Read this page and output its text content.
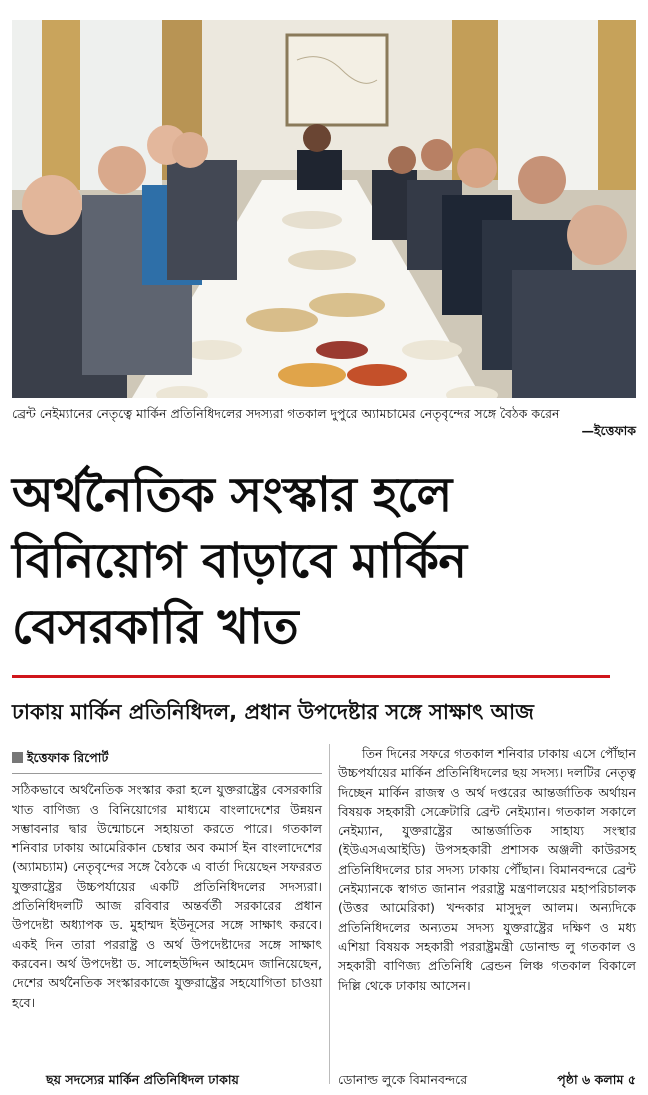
ব্রেন্ট নেইম্যানের নেতৃত্বে মার্কিন প্রতিনিধিদলের সদস্যরা গতকাল দুপুরে অ্যামচামের নেতৃবৃন্দের সঙ্গে বৈঠক করেন
—ইত্তেফাক
অর্থনৈতিক সংস্কার হলে
বিনিয়োগ বাড়াবে মার্কিন
বেসরকারি খাত
ঢাকায় মার্কিন প্রতিনিধিদল, প্রধান উপদেষ্টার সঙ্গে সাক্ষাৎ আজ
ইত্তেফাক রিপোর্ট

সঠিকভাবে অর্থনৈতিক সংস্কার করা হলে যুক্তরাষ্ট্রের বেসরকারি খাত বাণিজ্য ও বিনিয়োগের মাধ্যমে বাংলাদেশের উন্নয়ন সম্ভাবনার দ্বার উন্মোচনে সহায়তা করতে পারে। গতকাল শনিবার ঢাকায় আমেরিকান চেম্বার অব কমার্স ইন বাংলাদেশের (অ্যামচ্যাম) নেতৃবৃন্দের সঙ্গে বৈঠকে এ বার্তা দিয়েছেন সফররত যুক্তরাষ্ট্রের উচ্চপর্যায়ের একটি প্রতিনিধিদলের সদস্যরা। প্রতিনিধিদলটি আজ রবিবার অন্তর্বর্তী সরকারের প্রধান উপদেষ্টা অধ্যাপক ড. মুহাম্মদ ইউনূসের সঙ্গে সাক্ষাৎ করবে। একই দিন তারা পররাষ্ট্র ও অর্থ উপদেষ্টাদের সঙ্গে সাক্ষাৎ করবেন। অর্থ উপদেষ্টা ড. সালেহউদ্দিন আহমেদ জানিয়েছেন, দেশের অর্থনৈতিক সংস্কারকাজে যুক্তরাষ্ট্রের সহযোগিতা চাওয়া হবে।

তিন দিনের সফরে গতকাল শনিবার ঢাকায় এসে পৌঁছান উচ্চপর্যায়ের মার্কিন প্রতিনিধিদলের ছয় সদস্য। দলটির নেতৃত্ব দিচ্ছেন মার্কিন রাজস্ব ও অর্থ দপ্তরের আন্তর্জাতিক অর্থায়ন বিষয়ক সহকারী সেক্রেটারি ব্রেন্ট নেইম্যান। গতকাল সকালে নেইম্যান, যুক্তরাষ্ট্রের আন্তর্জাতিক সাহায্য সংস্থার (ইউএসএআইডি) উপসহকারী প্রশাসক অঞ্জলী কাউরসহ প্রতিনিধিদলের চার সদস্য ঢাকায় পৌঁছান। বিমানবন্দরে ব্রেন্ট নেইম্যানকে স্বাগত জানান পররাষ্ট্র মন্ত্রণালয়ের মহাপরিচালক (উত্তর আমেরিকা) খন্দকার মাসুদুল আলম। অন্যদিকে প্রতিনিধিদলের অন্যতম সদস্য যুক্তরাষ্ট্রের দক্ষিণ ও মধ্য এশিয়া বিষয়ক সহকারী পররাষ্ট্রমন্ত্রী ডোনাল্ড লু গতকাল ও সহকারী বাণিজ্য প্রতিনিধি ব্রেন্ডন লিঞ্চ গতকাল বিকালে দিল্লি থেকে ঢাকায় আসেন।

ছয় সদস্যের মার্কিন প্রতিনিধিদল ঢাকায়	ডোনাল্ড লুকে বিমানবন্দরে	পৃষ্ঠা ৬ কলাম ৫
